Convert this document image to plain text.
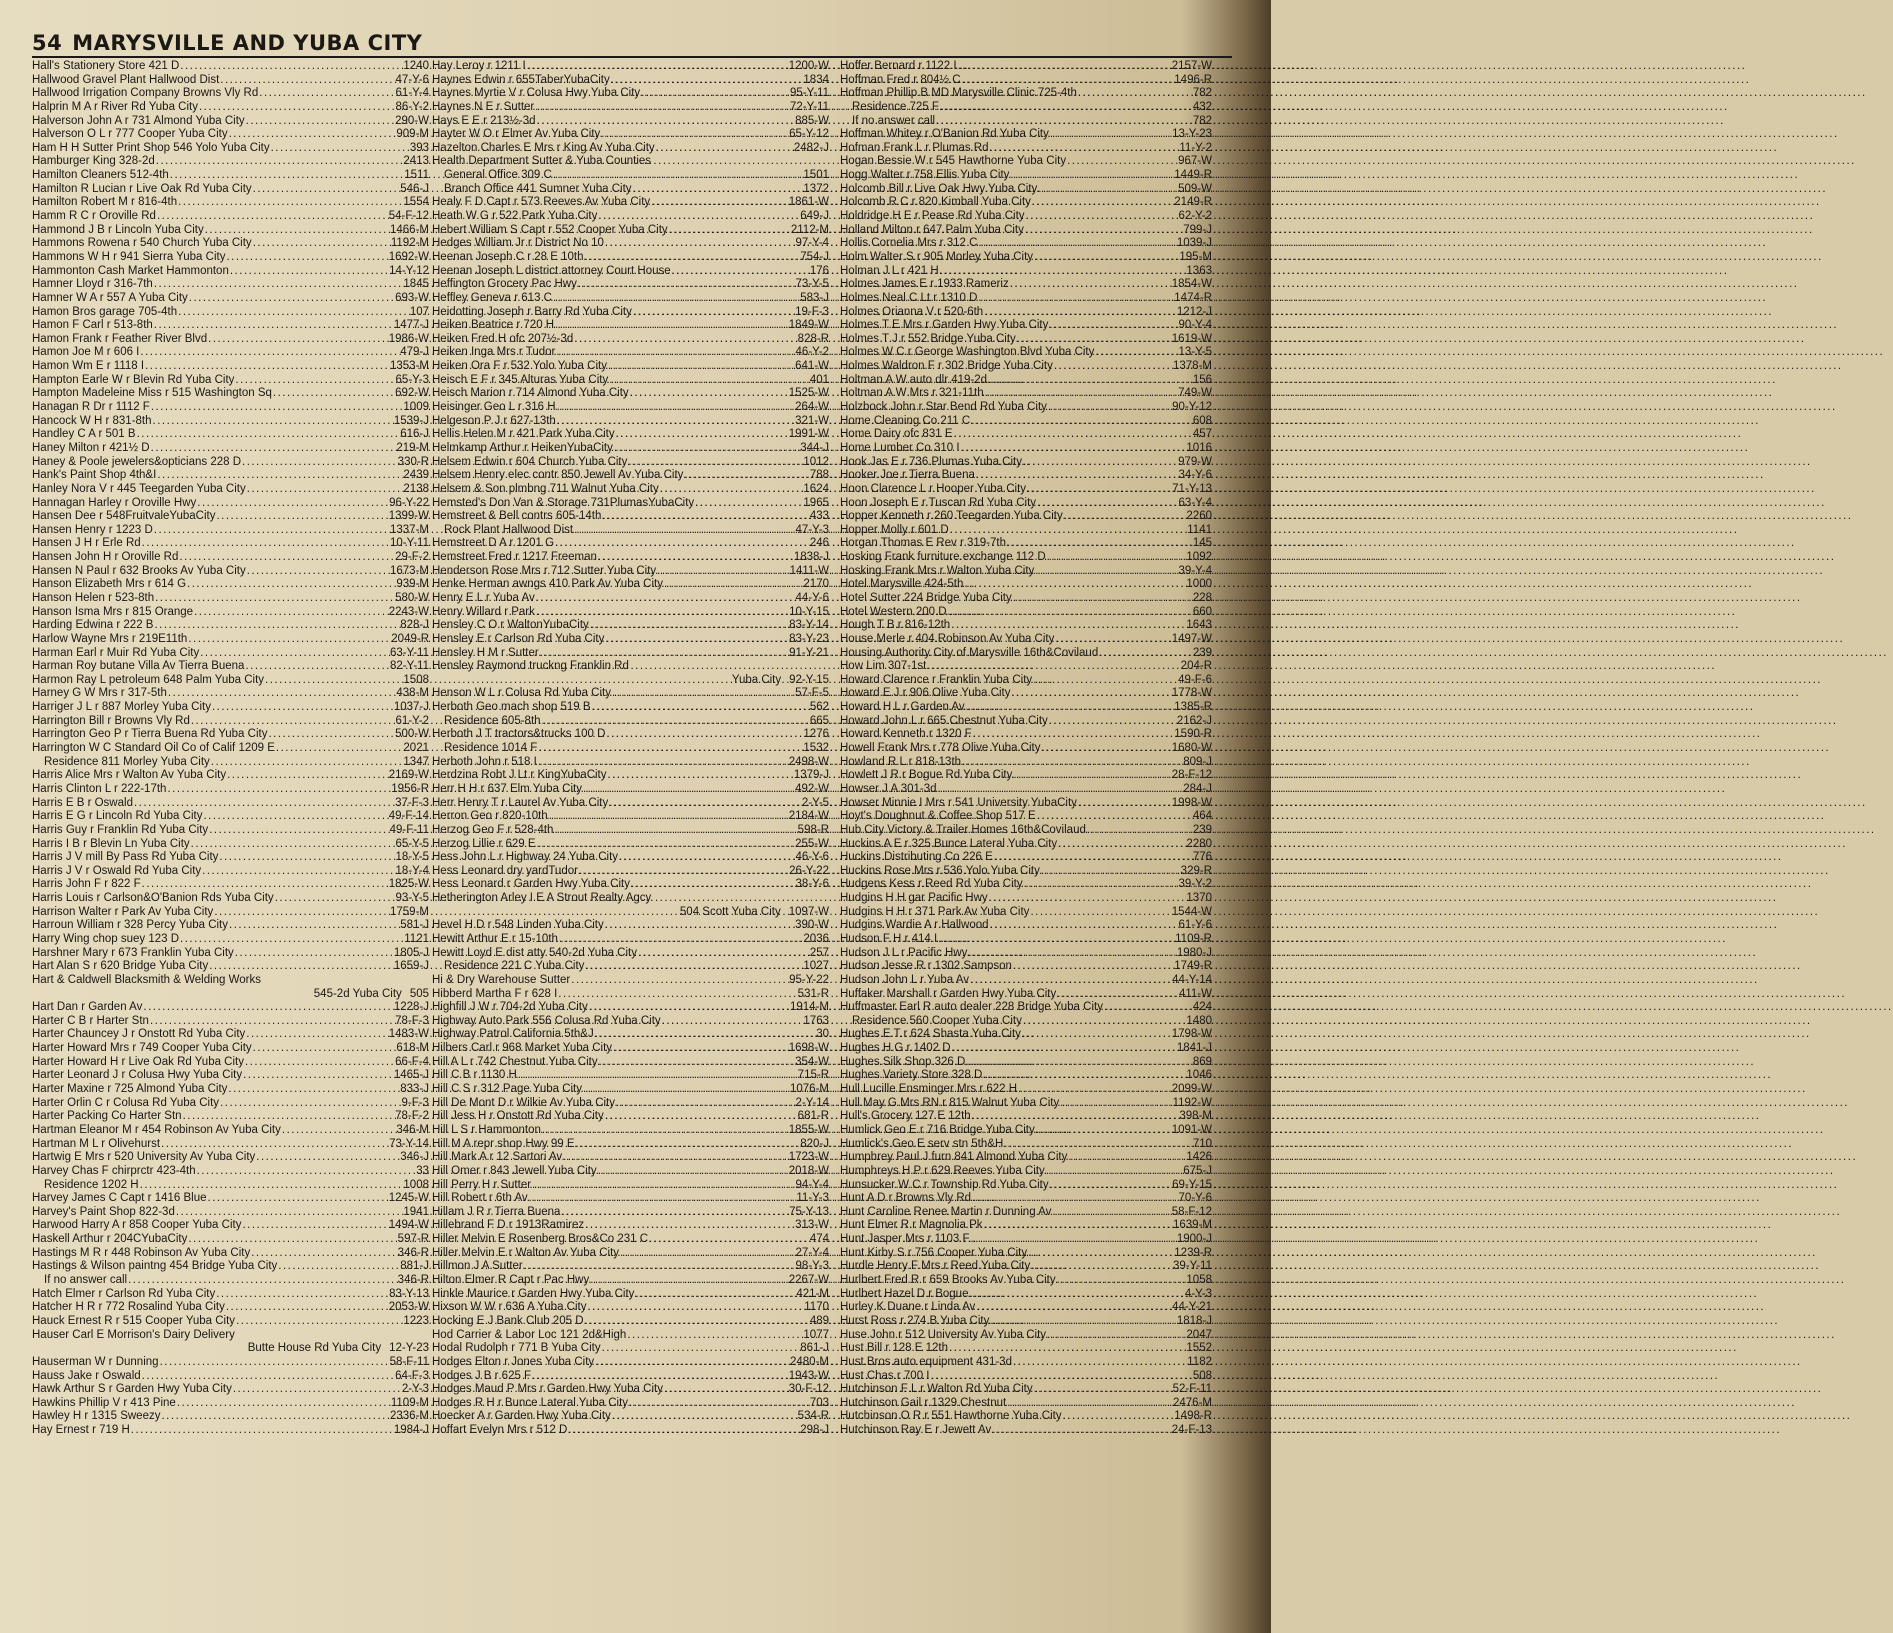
54 MARYSVILLE AND YUBA CITY
Hall's Stationery Store 421 D .....	1240
Hallwood Gravel Plant Hallwood Dist .....	47-Y-6
Hallwood Irrigation Company Browns Vly Rd .....	61-Y-4
Halprin M A r River Rd Yuba City .....	86-Y-2
Halverson John A r 731 Almond Yuba City .....	290-W
Halverson O L r 777 Cooper Yuba City .....	909-M
Ham H H Sutter Print Shop 546 Yolo Yuba City .....	393
Hamburger King 328-2d .....	2413
Hamilton Cleaners 512-4th .....	1511
Hamilton R Lucian r Live Oak Rd Yuba City .....	546-J
Hamilton Robert M r 816-4th .....	1554
Hamm R C r Oroville Rd .....	54-F-12
Hammond J B r Lincoln Yuba City .....	1466-M
Hammons Rowena r 540 Church Yuba City .....	1192-M
Hammons W H r 941 Sierra Yuba City .....	1692-W
Hammonton Cash Market Hammonton .....	14-Y-12
Hamner Lloyd r 316-7th .....	1845
Hamner W A r 557 A Yuba City .....	693-W
Hamon Bros garage 705-4th .....	107
Hamon F Carl r 513-8th .....	1477-J
Hamon Frank r Feather River Blvd .....	1986-W
Hamon Joe M r 606 I .....	479-J
Hamon Wm E r 1118 I .....	1353-M
Hampton Earle W r Blevin Rd Yuba City .....	65-Y-3
Hampton Madeleine Miss r 515 Washington Sq .....	692-W
Hanagan R Dr r 1112 F .....	1009
Hancock W H r 831-8th .....	1539-J
Handley C A r 501 B .....	616-J
Haney Milton r 421½ D .....	219-M
Haney & Poole jewelers&opticians 228 D .....	330-R
Hank's Paint Shop 4th&I .....	2439
Hanley Nora V r 445 Teegarden Yuba City .....	2138
Hannagan Harley r Oroville Hwy .....	96-Y-22
Hansen Dee r 548FruitvaleYubaCity .....	1399-W
Hansen Henry r 1223 D .....	1337-M
Hansen J H r Erle Rd .....	10-Y-11
Hansen John H r Oroville Rd .....	29-F-2
Hansen N Paul r 632 Brooks Av Yuba City .....	1673-M
Hanson Elizabeth Mrs r 614 G .....	939-M
Hanson Helen r 523-8th .....	580-W
Hanson Isma Mrs r 815 Orange .....	2243-W
Harding Edwina r 222 B .....	828-J
Harlow Wayne Mrs r 219E11th .....	2049-R
Harman Earl r Muir Rd Yuba City .....	63-Y-11
Harman Roy butane Villa Av Tierra Buena .....	82-Y-11
Harmon Ray L petroleum 648 Palm Yuba City .....	1508
Harney G W Mrs r 317-5th .....	438-M
Harriger J L r 887 Morley Yuba City .....	1037-J
Harrington Bill r Browns Vly Rd .....	61-Y-2
Harrington Geo P r Tierra Buena Rd Yuba City .....	500-W
Harrington W C Standard Oil Co of Calif 1209 E .....	2021
Residence 811 Morley Yuba City .....	1347
Harris Alice Mrs r Walton Av Yuba City .....	2169-W
Harris Clinton L r 222-17th .....	1956-R
Harris E B r Oswald .....	37-F-3
Harris E G r Lincoln Rd Yuba City .....	49-F-14
Harris Guy r Franklin Rd Yuba City .....	49-F-11
Harris I B r Blevin Ln Yuba City .....	65-Y-5
Harris J V mill By Pass Rd Yuba City .....	18-Y-5
Harris J V r Oswald Rd Yuba City .....	18-Y-4
Harris John F r 822 F .....	1825-W
Harris Louis r Carlson&O'Banion Rds Yuba City .....	93-Y-5
Harrison Walter r Park Av Yuba City .....	1759-M
Harroun William r 328 Percy Yuba City .....	581-J
Harry Wing chop suey 123 D .....	1121
Harshner Mary r 673 Franklin Yuba City .....	1805-J
Hart Alan S r 620 Bridge Yuba City .....	1659-J
Hart & Caldwell Blacksmith & Welding Works
545-2d Yuba City 505
Hart Dan r Garden Av .....	1228-J
Harter C B r Harter Stn .....	78-F-3
Harter Chauncey J r Onstott Rd Yuba City .....	1483-W
Harter Howard Mrs r 749 Cooper Yuba City .....	618-M
Harter Howard H r Live Oak Rd Yuba City .....	66-F-4
Harter Leonard J r Colusa Hwy Yuba City .....	1465-J
Harter Maxine r 725 Almond Yuba City .....	833-J
Harter Orlin C r Colusa Rd Yuba City .....	9-F-3
Harter Packing Co Harter Stn .....	78-F-2
Hartman Eleanor M r 454 Robinson Av Yuba City .....	346-M
Hartman M L r Olivehurst .....	73-Y-14
Hartwig E Mrs r 520 University Av Yuba City .....	346-J
Harvey Chas F chirprctr 423-4th .....	33
Residence 1202 H .....	1008
Harvey James C Capt r 1416 Blue .....	1245-W
Harvey's Paint Shop 822-3d .....	1941
Harwood Harry A r 858 Cooper Yuba City .....	1494-W
Haskell Arthur r 204CYubaCity .....	597-R
Hastings M R r 448 Robinson Av Yuba City .....	346-R
Hastings & Wilson paintng 454 Bridge Yuba City .....	881-J
If no answer call .....	346-R
Hatch Elmer r Carlson Rd Yuba City .....	83-Y-13
Hatcher H R r 772 Rosalind Yuba City .....	2053-W
Hauck Ernest R r 515 Cooper Yuba City .....	1223
Hauser Carl E Morrison's Dairy Delivery
Butte House Rd Yuba City 12-Y-23
Hauserman W r Dunning .....	58-F-11
Hauss Jake r Oswald .....	64-F-3
Hawk Arthur S r Garden Hwy Yuba City .....	2-Y-3
Hawkins Phillip V r 413 Pine .....	1109-M
Hawley H r 1315 Sweezy .....	2336-M
Hay Ernest r 719 H .....	1984-J
Hay Leroy r 1211 I .....	1200-W
Haynes Edwin r 655TaberYubaCity .....	1834
Haynes Myrtie V r Colusa Hwy Yuba City .....	95-Y-11
Haynes N E r Sutter .....	72-Y-11
Hays E E r 213½-3d .....	885-W
Hayter W O r Elmer Av Yuba City .....	65-Y-12
Hazelton Charles E Mrs r King Av Yuba City .....	2482-J
Health Department Sutter & Yuba Counties
General Office 309 C .....	1501
Branch Office 441 Sumner Yuba City .....	1372
Healy F D Capt r 573 Reeves Av Yuba City .....	1861-W
Heath W G r 522 Park Yuba City .....	649-J
Hebert William S Capt r 552 Cooper Yuba City .....	2112-M
Hedges William Jr r District No 10 .....	97-Y-4
Heenan Joseph C r 28 E 10th .....	754-J
Heenan Joseph L district attorney Court House .....	176
Heffington Grocery Pac Hwy .....	73-Y-5
Heffley Geneva r 613 C .....	583-J
Heidotting Joseph r Barry Rd Yuba City .....	19-F-3
Heiken Beatrice r 720 H .....	1849-W
Heiken Fred H ofc 207½-3d .....	828-R
Heiken Inga Mrs r Tudor .....	46-Y-2
Heiken Ora F r 532 Yolo Yuba City .....	641-W
Heisch E F r 345 Alturas Yuba City .....	401
Heisch Marion r 714 Almond Yuba City .....	1525-W
Heisinger Geo L r 316 H .....	264-W
Helgeson P J r 627-13th .....	321-W
Hellis Helen M r 421 Park Yuba City .....	1991-W
Helmkamp Arthur r HeikenYubaCity .....	344-J
Helsem Edwin r 604 Church Yuba City .....	1012
Helsem Henry elec contr 850 Jewell Av Yuba City .....	788
Helsem & Son plmbng 711 Walnut Yuba City .....	1624
Hemsted's Don Van & Storage 731PlumasYubaCity .....	1965
Hemstreet & Bell contrs 605-14th .....	433
Rock Plant Hallwood Dist .....	47-Y-3
Hemstreet D A r 1201 G .....	246
Hemstreet Fred r 1217 Freeman .....	1838-J
Henderson Rose Mrs r 712 Sutter Yuba City .....	1411-W
Henke Herman awngs 410 Park Av Yuba City .....	2170
Henry E L r Yuba Av .....	44-Y-6
Henry Willard r Park .....	10-Y-15
Hensley C O r WaltonYubaCity .....	83-Y-14
Hensley E r Carlson Rd Yuba City .....	83-Y-23
Hensley H M r Sutter .....	91-Y-21
Hensley Raymond truckng Franklin Rd
Yuba City 92-Y-15
Henson W L r Colusa Rd Yuba City .....	57-F-5
Herboth Geo mach shop 519 B .....	562
Residence 605-8th .....	665
Herboth J T tractors&trucks 100 D .....	1276
Residence 1014 F .....	1532
Herboth John r 518 I .....	2498-W
Herdzina Robt J Lt r KingYubaCity .....	1379-J
Herr H H r 637 Elm Yuba City .....	492-W
Herr Henry T r Laurel Av Yuba City .....	2-Y-5
Herron Geo r 820-10th .....	2184-W
Herzog Geo F r 528-4th .....	598-R
Herzog Lillie r 629 E .....	255-W
Hess John L r Highway 24 Yuba City .....	46-Y-6
Hess Leonard dry yardTudor .....	26-Y-22
Hess Leonard r Garden Hwy Yuba City .....	38-Y-6
Hetherington Arley I E A Strout Realty Agcy
504 Scott Yuba City 1097-W
Hevel H D r 548 Linden Yuba City .....	390-W
Hewitt Arthur E r 15-10th .....	2036
Hewitt Loyd E dist atty 540-2d Yuba City .....	257
Residence 221 C Yuba City .....	1027
Hi & Dry Warehouse Sutter .....	95-Y-22
Hibberd Martha F r 628 I .....	531-R
Highfill J W r 704-2d Yuba City .....	1914-M
Highway Auto Park 556 Colusa Rd Yuba City .....	1763
Highway Patrol California 5th&J .....	30
Hilbers Carl r 968 Market Yuba City .....	1698-W
Hill A L r 742 Chestnut Yuba City .....	354-W
Hill C B r 1130 H .....	715-R
Hill C S r 312 Page Yuba City .....	1076-M
Hill De Mont D r Wilkie Av Yuba City .....	2-Y-14
Hill Jess H r Onstott Rd Yuba City .....	681-R
Hill L S r Hammonton .....	1855-W
Hill M A repr shop Hwy 99 E .....	820-J
Hill Mark A r 12 Sartori Av .....	1723-W
Hill Omer r 843 Jewell Yuba City .....	2018-W
Hill Perry H r Sutter .....	94-Y-4
Hill Robert r 6th Av .....	11-Y-3
Hillam J R r Tierra Buena .....	75-Y-13
Hillebrand F D r 1913Ramirez .....	313-W
Hiller Melvin E Rosenberg Bros&Co 231 C .....	474
Hiller Melvin E r Walton Av Yuba City .....	27-Y-4
Hillmon J A Sutter .....	98-Y-3
Hilton Elmer R Capt r Pac Hwy .....	2267-W
Hinkle Maurice r Garden Hwy Yuba City .....	421-M
Hixson W W r 636 A Yuba City .....	1170
Hocking E J Bank Club 205 D .....	489
Hod Carrier & Labor Loc 121 2d&High .....	1077
Hodal Rudolph r 771 B Yuba City .....	861-J
Hodges Elton r Jones Yuba City .....	2480-M
Hodges J B r 625 F .....	1943-W
Hodges Maud P Mrs r Garden Hwy Yuba City .....	30-F-12
Hodges R H r Bunce Lateral Yuba City .....	703
Hoecker A r Garden Hwy Yuba City .....	534-R
Hoffart Evelyn Mrs r 512 D .....	298-J
Hoffer Bernard r 1122 I .....	2157-W
Hoffman Fred r 804½ C .....	1496-R
Hoffman Phillip B MD Marysville Clinic 725-4th .....	782
Residence 725 F .....	432
If no answer call .....	782
Hoffman Whitey r O'Banion Rd Yuba City .....	13-Y-23
Hofman Frank L r Plumas Rd .....	11-Y-2
Hogan Bessie W r 545 Hawthorne Yuba City .....	967-W
Hogg Walter r 758 Ellis Yuba City .....	1449-R
Holcomb Bill r Live Oak Hwy Yuba City .....	509-W
Holcomb R C r 820 Kimball Yuba City .....	2149-R
Holdridge H E r Pease Rd Yuba City .....	62-Y-2
Holland Milton r 647 Palm Yuba City .....	799-J
Hollis Cornelia Mrs r 312 C .....	1039-J
Holm Walter S r 905 Morley Yuba City .....	195-M
Holman J L r 421 H .....	1363
Holmes James E r 1933 Rameriz .....	1854-W
Holmes Neal C Lt r 1310 D .....	1474-R
Holmes Orianna V r 520-6th .....	1212-J
Holmes T E Mrs r Garden Hwy Yuba City .....	90-Y-4
Holmes T J r 552 Bridge Yuba City .....	1619-W
Holmes W C r George Washington Blvd Yuba City .....	13-Y-5
Holmes Waldron F r 302 Bridge Yuba City .....	1378-M
Holtman A W auto dlr 419-2d .....	156
Holtman A W Mrs r 321-11th .....	749-W
Holzbock John r Star Bend Rd Yuba City .....	90-Y-12
Home Cleaning Co 211 C .....	608
Home Dairy ofc 831 E .....	457
Home Lumber Co 310 I .....	1016
Hook Jas E r 736 Plumas Yuba City .....	979-W
Hooker Joe r Tierra Buena .....	34-Y-6
Hoon Clarence L r Hooper Yuba City .....	71-Y-13
Hoon Joseph E r Tuscan Rd Yuba City .....	63-Y-4
Hopper Kenneth r 260 Teegarden Yuba City .....	2260
Hopper Molly r 601 D .....	1141
Horgan Thomas E Rev r 319-7th .....	145
Hosking Frank furniture exchange 112 D .....	1092
Hosking Frank Mrs r Walton Yuba City .....	39-Y-4
Hotel Marysville 424-5th .....	1000
Hotel Sutter 224 Bridge Yuba City .....	228
Hotel Western 200 D .....	660
Hough T B r 816-12th .....	1643
House Merle r 404 Robinson Av Yuba City .....	1497-W
Housing Authority City of Marysville 16th&Covilaud .....	239
How Lim 307-1st .....	204-R
Howard Clarence r Franklin Yuba City .....	49-F-6
Howard E J r 906 Olive Yuba City .....	1778-W
Howard H L r Garden Av .....	1385-R
Howard John L r 665 Chestnut Yuba City .....	2162-J
Howard Kenneth r 1320 F .....	1590-R
Howell Frank Mrs r 778 Olive Yuba City .....	1680-W
Howland R L r 818-13th .....	809-J
Howlett J R r Bogue Rd Yuba City .....	28-F-12
Howser J A 301-3d .....	284-J
Howser Minnie I Mrs r 541 University YubaCity .....	1998-W
Hoyt's Doughnut & Coffee Shop 517 E .....	464
Hub City Victory & Trailer Homes 16th&Covilaud .....	239
Huckins A E r 325 Bunce Lateral Yuba City .....	2280
Huckins Distributing Co 226 E .....	776
Huckins Rose Mrs r 536 Yolo Yuba City .....	329-R
Hudgens Kess r Reed Rd Yuba City .....	39-Y-2
Hudgins H H gar Pacific Hwy .....	1370
Hudgins H H r 371 Park Av Yuba City .....	1544-W
Hudgins Wardie A r Hallwood .....	61-Y-6
Hudson F H r 414 I .....	1109-R
Hudson J L r Pacific Hwy .....	1980-J
Hudson Jesse R r 1302 Sampson .....	1749-R
Hudson John L r Yuba Av .....	44-Y-14
Huffaker Marshall r Garden Hwy Yuba City .....	411-W
Huffmaster Earl R auto dealer 228 Bridge Yuba City .....	424
Residence 560 Cooper Yuba City .....	1480
Hughes E T r 624 Shasta Yuba City .....	1798-W
Hughes H G r 1402 D .....	1841-J
Hughes Silk Shop 326 D .....	869
Hughes Variety Store 328 D .....	1046
Hull Lucille Ensminger Mrs r 622 H .....	2099-W
Hull May G Mrs RN r 815 Walnut Yuba City .....	1192-W
Hull's Grocery 127 E 12th .....	398-M
Humlick Geo E r 716 Bridge Yuba City .....	1091-W
Humlick's Geo E serv stn 5th&H .....	710
Humphrey Paul J furn 841 Almond Yuba City .....	1426
Humphreys H P r 629 Reeves Yuba City .....	675-J
Hunsucker W C r Township Rd Yuba City .....	69-Y-15
Hunt A D r Browns Vly Rd .....	70-Y-6
Hunt Caroline Renee Martin r Dunning Av .....	58-F-12
Hunt Elmer R r Magnolia Pk .....	1639-M
Hunt Jasper Mrs r 1103 F .....	1900-J
Hunt Kirby S r 756 Cooper Yuba City .....	1239-R
Hurdle Henry F Mrs r Reed Yuba City .....	39-Y-11
Hurlbert Fred R r 659 Brooks Av Yuba City .....	1058
Hurlbert Hazel D r Bogue .....	4-Y-3
Hurley K Duane r Linda Av .....	44-Y-21
Hurst Ross r 274 B Yuba City .....	1818-J
Huse John r 512 University Av Yuba City .....	2047
Hust Bill r 128 E 12th .....	1552
Hust Bros auto equipment 431-3d .....	1182
Hust Chas r 700 I .....	508
Hutchinson F L r Walton Rd Yuba City .....	52-F-11
Hutchinson Gail r 1329 Chestnut .....	2476-M
Hutchinson O R r 551 Hawthorne Yuba City .....	1498-R
Hutchinson Ray E r Jewett Av .....	24-F-13
